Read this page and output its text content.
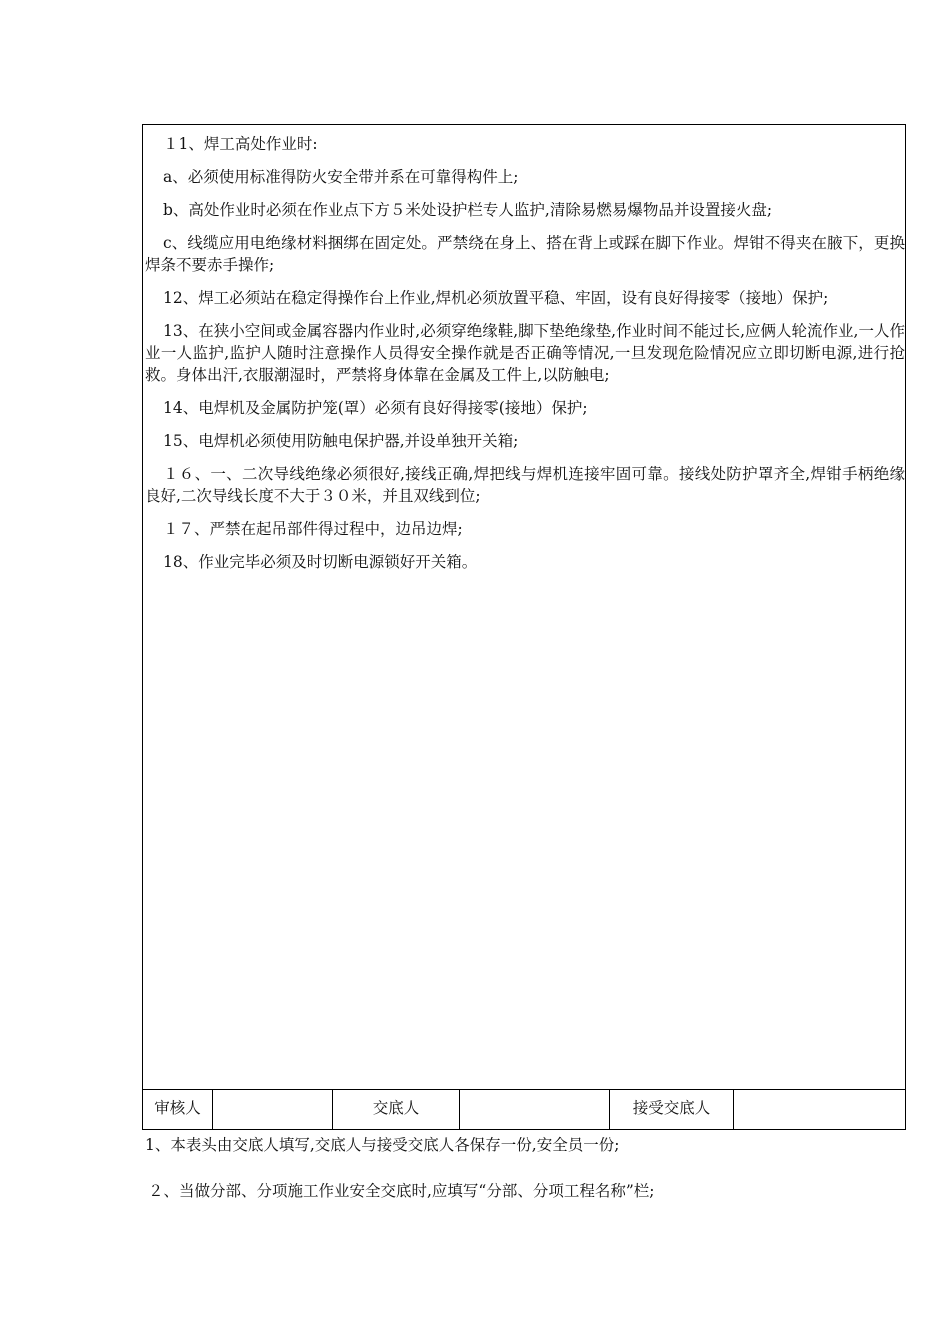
１1、焊工高处作业时:

a、必须使用标准得防火安全带并系在可靠得构件上;

b、高处作业时必须在作业点下方５米处设护栏专人监护,清除易燃易爆物品并设置接火盘;

c、线缆应用电绝缘材料捆绑在固定处。严禁绕在身上、搭在背上或踩在脚下作业。焊钳不得夹在腋下，更换焊条不要赤手操作;

12、焊工必须站在稳定得操作台上作业,焊机必须放置平稳、牢固，设有良好得接零（接地）保护;

13、在狭小空间或金属容器内作业时,必须穿绝缘鞋,脚下垫绝缘垫,作业时间不能过长,应俩人轮流作业,一人作业一人监护,监护人随时注意操作人员得安全操作就是否正确等情况,一旦发现危险情况应立即切断电源,进行抢救。身体出汗,衣服潮湿时，严禁将身体靠在金属及工件上,以防触电;

14、电焊机及金属防护笼(罩）必须有良好得接零(接地）保护;

15、电焊机必须使用防触电保护器,并设单独开关箱;

１６、一、二次导线绝缘必须很好,接线正确,焊把线与焊机连接牢固可靠。接线处防护罩齐全,焊钳手柄绝缘良好,二次导线长度不大于３０米，并且双线到位;

１７、严禁在起吊部件得过程中，边吊边焊;

18、作业完毕必须及时切断电源锁好开关箱。

审核人	交底人	接受交底人
1、本表头由交底人填写,交底人与接受交底人各保存一份,安全员一份;
２、当做分部、分项施工作业安全交底时,应填写“分部、分项工程名称”栏;
